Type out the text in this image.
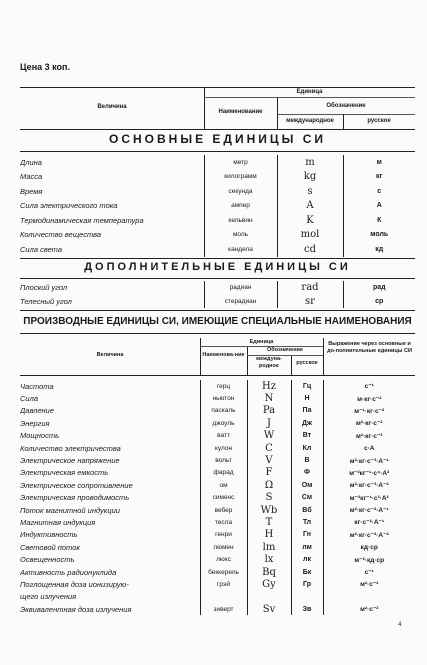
Цена 3 коп.
Величина
Единица
Наименование
Обозначение
международное	русское
ОСНОВНЫЕ ЕДИНИЦЫ СИ
Длина	метр	m	м
Масса	килограмм	kg	кг
Время	секунда	s	с
Сила электрического тока	ампер	A	А
Термодинамическая температура	кельвин	K	К
Количество вещества	моль	mol	моль
Сила света	кандела	cd	кд
ДОПОЛНИТЕЛЬНЫЕ ЕДИНИЦЫ СИ
Плоский угол	радиан	rad	рад
Телесный угол	стерадиан	sr	ср
ПРОИЗВОДНЫЕ ЕДИНИЦЫ СИ, ИМЕЮЩИЕ СПЕЦИАЛЬНЫЕ НАИМЕНОВАНИЯ
Величина
Единица
Наименова-ние
Обозначение
междуна-родное	русское
Выражение через основные и до-полнительные единицы СИ
Частота	герц	Hz	Гц	с⁻¹
Сила	ньютон	N	Н	м·кг·с⁻²
Давление	паскаль	Pa	Па	м⁻¹·кг·с⁻²
Энергия	джоуль	J	Дж	м²·кг·с⁻²
Мощность	ватт	W	Вт	м²·кг·с⁻³
Количество электричества	кулон	C	Кл	с·А
Электрическое напряжение	вольт	V	В	м²·кг·с⁻³·А⁻¹
Электрическая емкость	фарад	F	Ф	м⁻²кг⁻¹·с⁴·А²
Электрическое сопротивление	ом	Ω	Ом	м²·кг·с⁻³·А⁻²
Электрическая проводимость	сименс	S	См	м⁻²кг⁻¹·с³·А²
Поток магнитной индукции	вебер	Wb	Вб	м²·кг·с⁻²·А⁻¹
Магнитная индукция	тесла	T	Тл	кг·с⁻²·А⁻¹
Индуктивность	генри	H	Гн	м²·кг·с⁻²·А⁻²
Световой поток	люмен	lm	лм	кд·ср
Освещенность	люкс	lx	лк	м⁻²·кд·ср
Активность радионуклида	беккерель	Bq	Бк	с⁻¹
Поглощенная доза ионизирую-	грэй	Gy	Гр	м²·с⁻²
щего излучения				
Эквивалентная доза излучения	зиверт	Sv	Зв	м²·с⁻²
4
